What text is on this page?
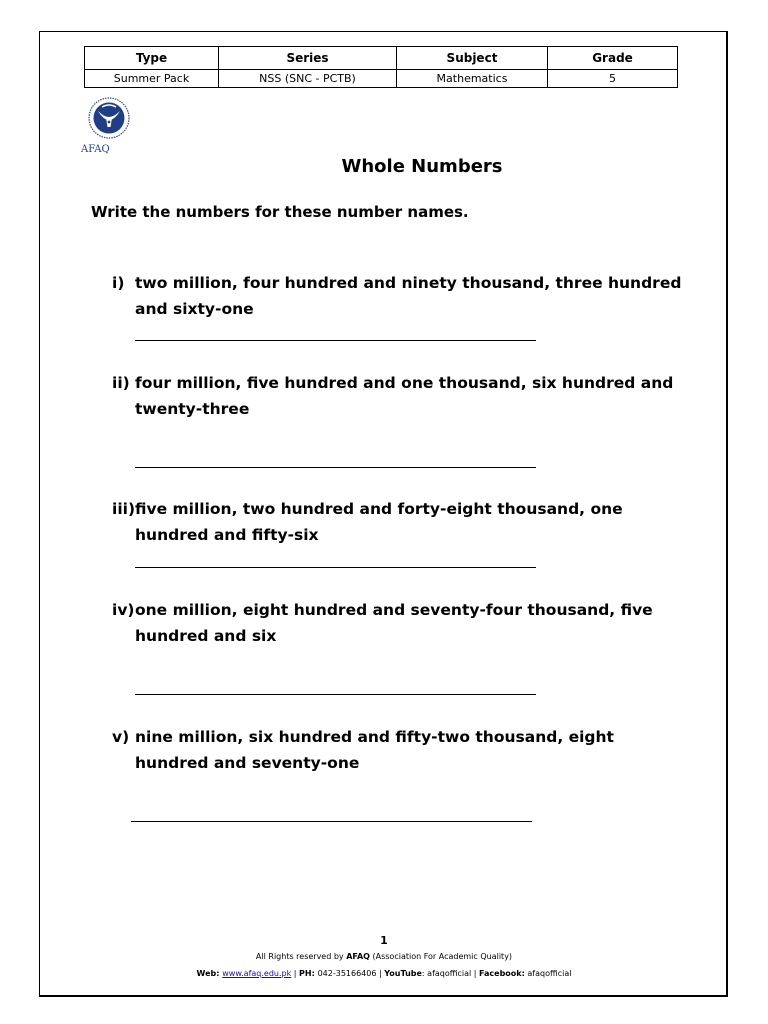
Type	Series	Subject	Grade
Summer Pack	NSS (SNC - PCTB)	Mathematics	5
AFAQ
Whole Numbers
Write the numbers for these number names.
i) two million, four hundred and ninety thousand, three hundred and sixty-one
ii) four million, five hundred and one thousand, six hundred and twenty-three
iii) five million, two hundred and forty-eight thousand, one hundred and fifty-six
iv) one million, eight hundred and seventy-four thousand, five hundred and six
v) nine million, six hundred and fifty-two thousand, eight hundred and seventy-one
1
All Rights reserved by AFAQ (Association For Academic Quality)
Web: www.afaq.edu.pk | PH: 042-35166406 | YouTube: afaqofficial | Facebook: afaqofficial
